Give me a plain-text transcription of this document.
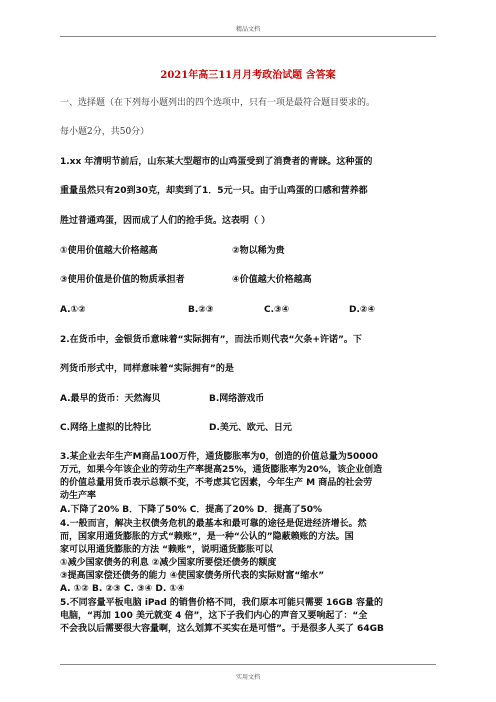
精品文档
2021年高三11月月考政治试题 含答案
一、选择题（在下列每小题列出的四个选项中，只有一项是最符合题目要求的。
每小题2分，共50分）
1.xx 年清明节前后，山东某大型超市的山鸡蛋受到了消费者的青睐。这种蛋的
重量虽然只有20到30克，却卖到了1．5元一只。由于山鸡蛋的口感和营养都
胜过普通鸡蛋，因而成了人们的抢手货。这表明（ ）
①使用价值越大价格越高	②物以稀为贵
③使用价值是价值的物质承担者	④价值越大价格越高
A.①②	B.②③	C.③④	D.②④
2.在货币中，金银货币意味着“实际拥有”，而法币则代表“欠条+许诺”。下
列货币形式中，同样意味着“实际拥有”的是
A.最早的货币：天然海贝	B.网络游戏币
C.网络上虚拟的比特比	D.美元、欧元、日元
3.某企业去年生产M商品100万件，通货膨胀率为0，创造的价值总量为50000
万元，如果今年该企业的劳动生产率提高25%，通货膨胀率为20%，该企业创造
的价值总量用货币表示总额不变，不考虑其它因素，今年生产 M 商品的社会劳
动生产率
A.下降了20% B．下降了50% C．提高了20% D．提高了50%
4.一般而言，解决主权债务危机的最基本和最可靠的途径是促进经济增长。然
而，国家用通货膨胀的方式“赖账”，是一种“公认的”隐蔽赖账的方法。国
家可以用通货膨胀的方法 “赖账”，说明通货膨胀可以
①减少国家债务的利息 ②减少国家所要偿还债务的额度
③提高国家偿还债务的能力 ④使国家债务所代表的实际财富“缩水”
A. ①② B. ②③ C. ③④ D. ①④
5.不同容量平板电脑 iPad 的销售价格不同，我们原本可能只需要 16GB 容量的
电脑，“再加 100 美元就变 4 倍”，这下子我们内心的声音又要响起了：“全
不会我以后需要很大容量啊，这么划算不买实在是可惜”。于是很多人买了 64GB
实用文档
